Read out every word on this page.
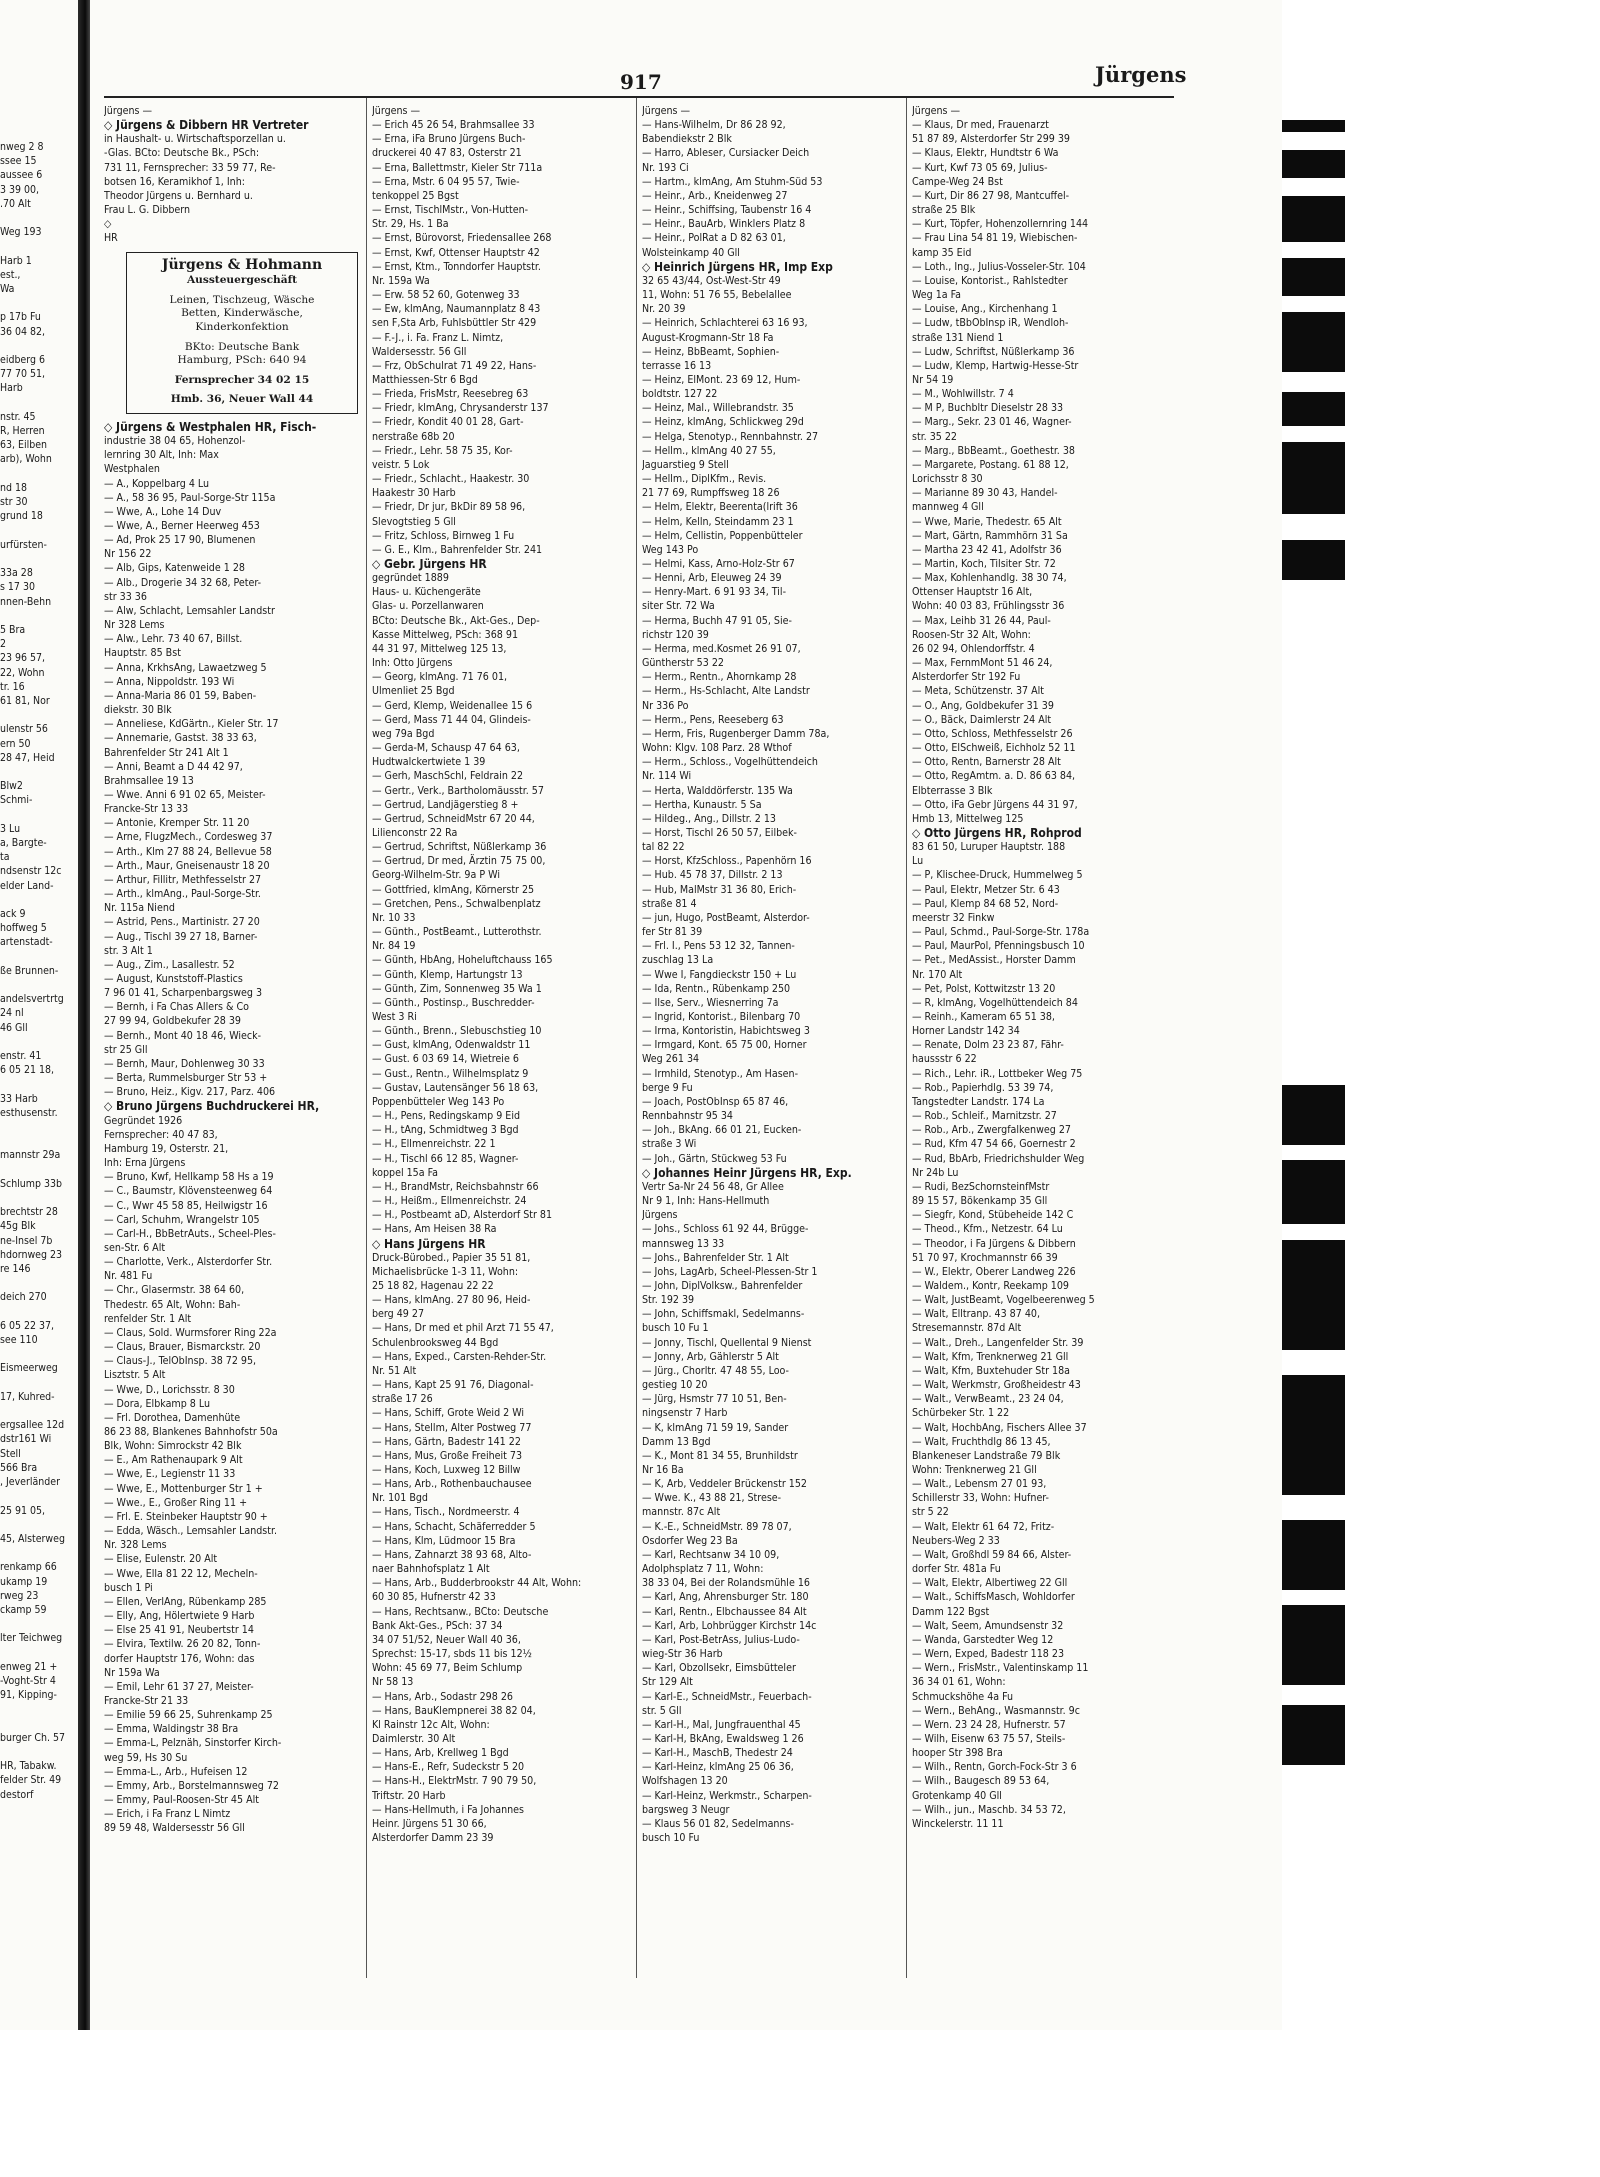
nweg 2 8
ssee 15
aussee 6
3 39 00,
.70 Alt

Weg 193

Harb 1
est.,
Wa

p 17b Fu
36 04 82,

eidberg 6
77 70 51,
Harb

nstr. 45
R, Herren
63, Eilben
arb), Wohn

nd 18
str 30
grund 18

urfürsten-

33a 28
s 17 30
nnen-Behn

5 Bra
2
23 96 57,
22, Wohn
tr. 16
61 81, Nor

ulenstr 56
ern 50
28 47, Heid

Blw2
Schmi-

3 Lu
a, Bargte-
ta
ndsenstr 12c
elder Land-

ack 9
hoffweg 5
artenstadt-

ße Brunnen-

andelsvertrtg
24 nl
46 Gll

enstr. 41
6 05 21 18,

33 Harb
esthusenstr.

mannstr 29a

Schlump 33b

brechtstr 28
45g Blk
ne-Insel 7b
hdornweg 23
re 146

deich 270

6 05 22 37,
see 110

Eismeerweg

17, Kuhred-

ergsallee 12d
dstr161 Wi
Stell
566 Bra
, Jeverländer

25 91 05,

45, Alsterweg

renkamp 66
ukamp 19
rweg 23
ckamp 59

lter Teichweg

enweg 21 +
-Voght-Str 4
91, Kipping-

burger Ch. 57

HR, Tabakw.
felder Str. 49
destorf
917	Jürgens
Jürgens —
◇ Jürgens & Dibbern HR Vertreter
in Haushalt- u. Wirtschaftsporzellan u.
-Glas. BCto: Deutsche Bk., PSch:
731 11, Fernsprecher: 33 59 77, Re-
botsen 16, Keramikhof 1, Inh:
Theodor Jürgens u. Bernhard u.
Frau L. G. Dibbern
◇
HR
Jürgens & Hohmann
Aussteuergeschäft
Leinen, Tischzeug, Wäsche
Betten, Kinderwäsche,
Kinderkonfektion
BKto: Deutsche Bank
Hamburg, PSch: 640 94
Fernsprecher 34 02 15
Hmb. 36, Neuer Wall 44
◇ Jürgens & Westphalen HR, Fisch-
industrie 38 04 65, Hohenzol-
lernring 30 Alt, Inh: Max
Westphalen
— A., Koppelbarg 4 Lu
— A., 58 36 95, Paul-Sorge-Str 115a
— Wwe, A., Lohe 14 Duv
— Wwe, A., Berner Heerweg 453
— Ad, Prok 25 17 90, Blumenen
Nr 156 22
— Alb, Gips, Katenweide 1 28
— Alb., Drogerie 34 32 68, Peter-
str 33 36
— Alw, Schlacht, Lemsahler Landstr
Nr 328 Lems
— Alw., Lehr. 73 40 67, Billst.
Hauptstr. 85 Bst
— Anna, KrkhsAng, Lawaetzweg 5
— Anna, Nippoldstr. 193 Wi
— Anna-Maria 86 01 59, Baben-
diekstr. 30 Blk
— Anneliese, KdGärtn., Kieler Str. 17
— Annemarie, Gastst. 38 33 63,
Bahrenfelder Str 241 Alt 1
— Anni, Beamt a D 44 42 97,
Brahmsallee 19 13
— Wwe. Anni 6 91 02 65, Meister-
Francke-Str 13 33
— Antonie, Kremper Str. 11 20
— Arne, FlugzMech., Cordesweg 37
— Arth., Klm 27 88 24, Bellevue 58
— Arth., Maur, Gneisenaustr 18 20
— Arthur, Fillitr, Methfesselstr 27
— Arth., klmAng., Paul-Sorge-Str.
Nr. 115a Niend
— Astrid, Pens., Martinistr. 27 20
— Aug., Tischl 39 27 18, Barner-
str. 3 Alt 1
— Aug., Zim., Lasallestr. 52
— August, Kunststoff-Plastics
7 96 01 41, Scharpenbargsweg 3
— Bernh, i Fa Chas Allers & Co
27 99 94, Goldbekufer 28 39
— Bernh., Mont 40 18 46, Wieck-
str 25 Gll
— Bernh, Maur, Dohlenweg 30 33
— Berta, Rummelsburger Str 53 +
— Bruno, Heiz., Kigv. 217, Parz. 406
◇ Bruno Jürgens Buchdruckerei HR,
Gegründet 1926
Fernsprecher: 40 47 83,
Hamburg 19, Osterstr. 21,
Inh: Erna Jürgens
— Bruno, Kwf, Hellkamp 58 Hs a 19
— C., Baumstr, Klövensteenweg 64
— C., Wwr 45 58 85, Heilwigstr 16
— Carl, Schuhm, Wrangelstr 105
— Carl-H., BbBetrAuts., Scheel-Ples-
sen-Str. 6 Alt
— Charlotte, Verk., Alsterdorfer Str.
Nr. 481 Fu
— Chr., Glasermstr. 38 64 60,
Thedestr. 65 Alt, Wohn: Bah-
renfelder Str. 1 Alt
— Claus, Sold. Wurmsforer Ring 22a
— Claus, Brauer, Bismarckstr. 20
— Claus-J., TelObInsp. 38 72 95,
Lisztstr. 5 Alt
— Wwe, D., Lorichsstr. 8 30
— Dora, Elbkamp 8 Lu
— Frl. Dorothea, Damenhüte
86 23 88, Blankenes Bahnhofstr 50a
Blk, Wohn: Simrockstr 42 Blk
— E., Am Rathenaupark 9 Alt
— Wwe, E., Legienstr 11 33
— Wwe, E., Mottenburger Str 1 +
— Wwe., E., Großer Ring 11 +
— Frl. E. Steinbeker Hauptstr 90 +
— Edda, Wäsch., Lemsahler Landstr.
Nr. 328 Lems
— Elise, Eulenstr. 20 Alt
— Wwe, Ella 81 22 12, Mecheln-
busch 1 Pi
— Ellen, VerlAng, Rübenkamp 285
— Elly, Ang, Hölertwiete 9 Harb
— Else 25 41 91, Neubertstr 14
— Elvira, Textilw. 26 20 82, Tonn-
dorfer Hauptstr 176, Wohn: das
Nr 159a Wa
— Emil, Lehr 61 37 27, Meister-
Francke-Str 21 33
— Emilie 59 66 25, Suhrenkamp 25
— Emma, Waldingstr 38 Bra
— Emma-L, Pelznäh, Sinstorfer Kirch-
weg 59, Hs 30 Su
— Emma-L., Arb., Hufeisen 12
— Emmy, Arb., Borstelmannsweg 72
— Emmy, Paul-Roosen-Str 45 Alt
— Erich, i Fa Franz L Nimtz
89 59 48, Waldersesstr 56 Gll
Jürgens —
— Erich 45 26 54, Brahmsallee 33
— Erna, iFa Bruno Jürgens Buch-
druckerei 40 47 83, Osterstr 21
— Erna, Ballettmstr, Kieler Str 711a
— Erna, Mstr. 6 04 95 57, Twie-
tenkoppel 25 Bgst
— Ernst, TischlMstr., Von-Hutten-
Str. 29, Hs. 1 Ba
— Ernst, Bürovorst, Friedensallee 268
— Ernst, Kwf, Ottenser Hauptstr 42
— Ernst, Ktm., Tonndorfer Hauptstr.
Nr. 159a Wa
— Erw. 58 52 60, Gotenweg 33
— Ew, klmAng, Naumannplatz 8 43
sen F,Sta Arb, Fuhlsbüttler Str 429
— F.-J., i. Fa. Franz L. Nimtz,
Waldersesstr. 56 Gll
— Frz, ObSchulrat 71 49 22, Hans-
Matthiessen-Str 6 Bgd
— Frieda, FrisMstr, Reesebreg 63
— Friedr, klmAng, Chrysanderstr 137
— Friedr, Kondit 40 01 28, Gart-
nerstraße 68b 20
— Friedr., Lehr. 58 75 35, Kor-
veistr. 5 Lok
— Friedr., Schlacht., Haakestr. 30
Haakestr 30 Harb
— Friedr, Dr jur, BkDir 89 58 96,
Slevogtstieg 5 Gll
— Fritz, Schloss, Birnweg 1 Fu
— G. E., Klm., Bahrenfelder Str. 241
◇ Gebr. Jürgens HR
gegründet 1889
Haus- u. Küchengeräte
Glas- u. Porzellanwaren
BCto: Deutsche Bk., Akt-Ges., Dep-
Kasse Mittelweg, PSch: 368 91
44 31 97, Mittelweg 125 13,
Inh: Otto Jürgens
— Georg, klmAng. 71 76 01,
Ulmenliet 25 Bgd
— Gerd, Klemp, Weidenallee 15 6
— Gerd, Mass 71 44 04, Glindeis-
weg 79a Bgd
— Gerda-M, Schausp 47 64 63,
Hudtwalckertwiete 1 39
— Gerh, MaschSchl, Feldrain 22
— Gertr., Verk., Bartholomäusstr. 57
— Gertrud, Landjägerstieg 8 +
— Gertrud, SchneidMstr 67 20 44,
Lilienconstr 22 Ra
— Gertrud, Schriftst, Nüßlerkamp 36
— Gertrud, Dr med, Ärztin 75 75 00,
Georg-Wilhelm-Str. 9a P Wi
— Gottfried, klmAng, Körnerstr 25
— Gretchen, Pens., Schwalbenplatz
Nr. 10 33
— Günth., PostBeamt., Lutterothstr.
Nr. 84 19
— Günth, HbAng, Hoheluftchauss 165
— Günth, Klemp, Hartungstr 13
— Günth, Zim, Sonnenweg 35 Wa 1
— Günth., Postinsp., Buschredder-
West 3 Ri
— Günth., Brenn., Slebuschstieg 10
— Gust, klmAng, Odenwaldstr 11
— Gust. 6 03 69 14, Wietreie 6
— Gust., Rentn., Wilhelmsplatz 9
— Gustav, Lautensänger 56 18 63,
Poppenbütteler Weg 143 Po
— H., Pens, Redingskamp 9 Eid
— H., tAng, Schmidtweg 3 Bgd
— H., Ellmenreichstr. 22 1
— H., Tischl 66 12 85, Wagner-
koppel 15a Fa
— H., BrandMstr, Reichsbahnstr 66
— H., Heißm., Ellmenreichstr. 24
— H., Postbeamt aD, Alsterdorf Str 81
— Hans, Am Heisen 38 Ra
◇ Hans Jürgens HR
Druck-Bürobed., Papier 35 51 81,
Michaelisbrücke 1-3 11, Wohn:
25 18 82, Hagenau 22 22
— Hans, klmAng. 27 80 96, Heid-
berg 49 27
— Hans, Dr med et phil Arzt 71 55 47,
Schulenbrooksweg 44 Bgd
— Hans, Exped., Carsten-Rehder-Str.
Nr. 51 Alt
— Hans, Kapt 25 91 76, Diagonal-
straße 17 26
— Hans, Schiff, Grote Weid 2 Wi
— Hans, Stellm, Alter Postweg 77
— Hans, Gärtn, Badestr 141 22
— Hans, Mus, Große Freiheit 73
— Hans, Koch, Luxweg 12 Billw
— Hans, Arb., Rothenbauchausee
Nr. 101 Bgd
— Hans, Tisch., Nordmeerstr. 4
— Hans, Schacht, Schäferredder 5
— Hans, Klm, Lüdmoor 15 Bra
— Hans, Zahnarzt 38 93 68, Alto-
naer Bahnhofsplatz 1 Alt
— Hans, Arb., Budderbrookstr 44 Alt, Wohn:
60 30 85, Hufnerstr 42 33
— Hans, Rechtsanw., BCto: Deutsche
Bank Akt-Ges., PSch: 37 34
34 07 51/52, Neuer Wall 40 36,
Sprechst: 15-17, sbds 11 bis 12½
Wohn: 45 69 77, Beim Schlump
Nr 58 13
— Hans, Arb., Sodastr 298 26
— Hans, BauKlempnerei 38 82 04,
Kl Rainstr 12c Alt, Wohn:
Daimlerstr. 30 Alt
— Hans, Arb, Krellweg 1 Bgd
— Hans-E., Refr, Sudeckstr 5 20
— Hans-H., ElektrMstr. 7 90 79 50,
Triftstr. 20 Harb
— Hans-Hellmuth, i Fa Johannes
Heinr. Jürgens 51 30 66,
Alsterdorfer Damm 23 39
Jürgens —
— Hans-Wilhelm, Dr 86 28 92,
Babendiekstr 2 Blk
— Harro, Ableser, Cursiacker Deich
Nr. 193 Ci
— Hartm., klmAng, Am Stuhm-Süd 53
— Heinr., Arb., Kneidenweg 27
— Heinr., Schiffsing, Taubenstr 16 4
— Heinr., BauArb, Winklers Platz 8
— Heinr., PolRat a D 82 63 01,
Wolsteinkamp 40 Gll
◇ Heinrich Jürgens HR, Imp Exp
32 65 43/44, Ost-West-Str 49
11, Wohn: 51 76 55, Bebelallee
Nr. 20 39
— Heinrich, Schlachterei 63 16 93,
August-Krogmann-Str 18 Fa
— Heinz, BbBeamt, Sophien-
terrasse 16 13
— Heinz, ElMont. 23 69 12, Hum-
boldtstr. 127 22
— Heinz, Mal., Willebrandstr. 35
— Heinz, klmAng, Schlickweg 29d
— Helga, Stenotyp., Rennbahnstr. 27
— Hellm., klmAng 40 27 55,
Jaguarstieg 9 Stell
— Hellm., DiplKfm., Revis.
21 77 69, Rumpffsweg 18 26
— Helm, Elektr, Beerenta(lrift 36
— Helm, Kelln, Steindamm 23 1
— Helm, Cellistin, Poppenbütteler
Weg 143 Po
— Helmi, Kass, Arno-Holz-Str 67
— Henni, Arb, Eleuweg 24 39
— Henry-Mart. 6 91 93 34, Til-
siter Str. 72 Wa
— Herma, Buchh 47 91 05, Sie-
richstr 120 39
— Herma, med.Kosmet 26 91 07,
Güntherstr 53 22
— Herm., Rentn., Ahornkamp 28
— Herm., Hs-Schlacht, Alte Landstr
Nr 336 Po
— Herm., Pens, Reeseberg 63
— Herm, Fris, Rugenberger Damm 78a,
Wohn: Klgv. 108 Parz. 28 Wthof
— Herm., Schloss., Vogelhüttendeich
Nr. 114 Wi
— Herta, Walddörferstr. 135 Wa
— Hertha, Kunaustr. 5 Sa
— Hildeg., Ang., Dillstr. 2 13
— Horst, Tischl 26 50 57, Eilbek-
tal 82 22
— Horst, KfzSchloss., Papenhörn 16
— Hub. 45 78 37, Dillstr. 2 13
— Hub, MalMstr 31 36 80, Erich-
straße 81 4
— jun, Hugo, PostBeamt, Alsterdor-
fer Str 81 39
— Frl. I., Pens 53 12 32, Tannen-
zuschlag 13 La
— Wwe I, Fangdieckstr 150 + Lu
— Ida, Rentn., Rübenkamp 250
— Ilse, Serv., Wiesnerring 7a
— Ingrid, Kontorist., Bilenbarg 70
— Irma, Kontoristin, Habichtsweg 3
— Irmgard, Kont. 65 75 00, Horner
Weg 261 34
— Irmhild, Stenotyp., Am Hasen-
berge 9 Fu
— Joach, PostObInsp 65 87 46,
Rennbahnstr 95 34
— Joh., BkAng. 66 01 21, Eucken-
straße 3 Wi
— Joh., Gärtn, Stückweg 53 Fu
◇ Johannes Heinr Jürgens HR, Exp.
Vertr Sa-Nr 24 56 48, Gr Allee
Nr 9 1, Inh: Hans-Hellmuth
Jürgens
— Johs., Schloss 61 92 44, Brügge-
mannsweg 13 33
— Johs., Bahrenfelder Str. 1 Alt
— Johs, LagArb, Scheel-Plessen-Str 1
— John, DiplVolksw., Bahrenfelder
Str. 192 39
— John, Schiffsmakl, Sedelmanns-
busch 10 Fu 1
— Jonny, Tischl, Quellental 9 Nienst
— Jonny, Arb, Gählerstr 5 Alt
— Jürg., Chorltr. 47 48 55, Loo-
gestieg 10 20
— Jürg, Hsmstr 77 10 51, Ben-
ningsenstr 7 Harb
— K, klmAng 71 59 19, Sander
Damm 13 Bgd
— K., Mont 81 34 55, Brunhildstr
Nr 16 Ba
— K, Arb, Veddeler Brückenstr 152
— Wwe. K., 43 88 21, Strese-
mannstr. 87c Alt
— K.-E., SchneidMstr. 89 78 07,
Osdorfer Weg 23 Ba
— Karl, Rechtsanw 34 10 09,
Adolphsplatz 7 11, Wohn:
38 33 04, Bei der Rolandsmühle 16
— Karl, Ang, Ahrensburger Str. 180
— Karl, Rentn., Elbchaussee 84 Alt
— Karl, Arb, Lohbrügger Kirchstr 14c
— Karl, Post-BetrAss, Julius-Ludo-
wieg-Str 36 Harb
— Karl, Obzollsekr, Eimsbütteler
Str 129 Alt
— Karl-E., SchneidMstr., Feuerbach-
str. 5 Gll
— Karl-H., Mal, Jungfrauenthal 45
— Karl-H, BkAng, Ewaldsweg 1 26
— Karl-H., MaschB, Thedestr 24
— Karl-Heinz, klmAng 25 06 36,
Wolfshagen 13 20
— Karl-Heinz, Werkmstr., Scharpen-
bargsweg 3 Neugr
— Klaus 56 01 82, Sedelmanns-
busch 10 Fu
Jürgens —
— Klaus, Dr med, Frauenarzt
51 87 89, Alsterdorfer Str 299 39
— Klaus, Elektr, Hundtstr 6 Wa
— Kurt, Kwf 73 05 69, Julius-
Campe-Weg 24 Bst
— Kurt, Dir 86 27 98, Mantcuffel-
straße 25 Blk
— Kurt, Töpfer, Hohenzollernring 144
— Frau Lina 54 81 19, Wiebischen-
kamp 35 Eid
— Loth., Ing., Julius-Vosseler-Str. 104
— Louise, Kontorist., Rahlstedter
Weg 1a Fa
— Louise, Ang., Kirchenhang 1
— Ludw, tBbObInsp iR, Wendloh-
straße 131 Niend 1
— Ludw, Schriftst, Nüßlerkamp 36
— Ludw, Klemp, Hartwig-Hesse-Str
Nr 54 19
— M., Wohlwillstr. 7 4
— M P, Buchbltr Dieselstr 28 33
— Marg., Sekr. 23 01 46, Wagner-
str. 35 22
— Marg., BbBeamt., Goethestr. 38
— Margarete, Postang. 61 88 12,
Lorichsstr 8 30
— Marianne 89 30 43, Handel-
mannweg 4 Gll
— Wwe, Marie, Thedestr. 65 Alt
— Mart, Gärtn, Rammhörn 31 Sa
— Martha 23 42 41, Adolfstr 36
— Martin, Koch, Tilsiter Str. 72
— Max, Kohlenhandlg. 38 30 74,
Ottenser Hauptstr 16 Alt,
Wohn: 40 03 83, Frühlingsstr 36
— Max, Leihb 31 26 44, Paul-
Roosen-Str 32 Alt, Wohn:
26 02 94, Ohlendorffstr. 4
— Max, FernmMont 51 46 24,
Alsterdorfer Str 192 Fu
— Meta, Schützenstr. 37 Alt
— O., Ang, Goldbekufer 31 39
— O., Bäck, Daimlerstr 24 Alt
— Otto, Schloss, Methfesselstr 26
— Otto, ElSchweiß, Eichholz 52 11
— Otto, Rentn, Barnerstr 28 Alt
— Otto, RegAmtm. a. D. 86 63 84,
Elbterrasse 3 Blk
— Otto, iFa Gebr Jürgens 44 31 97,
Hmb 13, Mittelweg 125
◇ Otto Jürgens HR, Rohprod
83 61 50, Luruper Hauptstr. 188
Lu
— P, Klischee-Druck, Hummelweg 5
— Paul, Elektr, Metzer Str. 6 43
— Paul, Klemp 84 68 52, Nord-
meerstr 32 Finkw
— Paul, Schmd., Paul-Sorge-Str. 178a
— Paul, MaurPol, Pfenningsbusch 10
— Pet., MedAssist., Horster Damm
Nr. 170 Alt
— Pet, Polst, Kottwitzstr 13 20
— R, klmAng, Vogelhüttendeich 84
— Reinh., Kameram 65 51 38,
Horner Landstr 142 34
— Renate, Dolm 23 23 87, Fähr-
haussstr 6 22
— Rich., Lehr. iR., Lottbeker Weg 75
— Rob., Papierhdlg. 53 39 74,
Tangstedter Landstr. 174 La
— Rob., Schleif., Marnitzstr. 27
— Rob., Arb., Zwergfalkenweg 27
— Rud, Kfm 47 54 66, Goernestr 2
— Rud, BbArb, Friedrichshulder Weg
Nr 24b Lu
— Rudi, BezSchornsteinfMstr
89 15 57, Bökenkamp 35 Gll
— Siegfr, Kond, Stübeheide 142 C
— Theod., Kfm., Netzestr. 64 Lu
— Theodor, i Fa Jürgens & Dibbern
51 70 97, Krochmannstr 66 39
— W., Elektr, Oberer Landweg 226
— Waldem., Kontr, Reekamp 109
— Walt, JustBeamt, Vogelbeerenweg 5
— Walt, Elltranp. 43 87 40,
Stresemannstr. 87d Alt
— Walt., Dreh., Langenfelder Str. 39
— Walt, Kfm, Trenknerweg 21 Gll
— Walt, Kfm, Buxtehuder Str 18a
— Walt, Werkmstr, Großheidestr 43
— Walt., VerwBeamt., 23 24 04,
Schürbeker Str. 1 22
— Walt, HochbAng, Fischers Allee 37
— Walt, Fruchthdlg 86 13 45,
Blankeneser Landstraße 79 Blk
Wohn: Trenknerweg 21 Gll
— Walt., Lebensm 27 01 93,
Schillerstr 33, Wohn: Hufner-
str 5 22
— Walt, Elektr 61 64 72, Fritz-
Neubers-Weg 2 33
— Walt, Großhdl 59 84 66, Alster-
dorfer Str. 481a Fu
— Walt, Elektr, Albertiweg 22 Gll
— Walt., SchiffsMasch, Wohldorfer
Damm 122 Bgst
— Walt, Seem, Amundsenstr 32
— Wanda, Garstedter Weg 12
— Wern, Exped, Badestr 118 23
— Wern., FrisMstr., Valentinskamp 11
36 34 01 61, Wohn:
Schmuckshöhe 4a Fu
— Wern., BehAng., Wasmannstr. 9c
— Wern. 23 24 28, Hufnerstr. 57
— Wilh, Eisenw 63 75 57, Steils-
hooper Str 398 Bra
— Wilh., Rentn, Gorch-Fock-Str 3 6
— Wilh., Baugesch 89 53 64,
Grotenkamp 40 Gll
— Wilh., jun., Maschb. 34 53 72,
Winckelerstr. 11 11
